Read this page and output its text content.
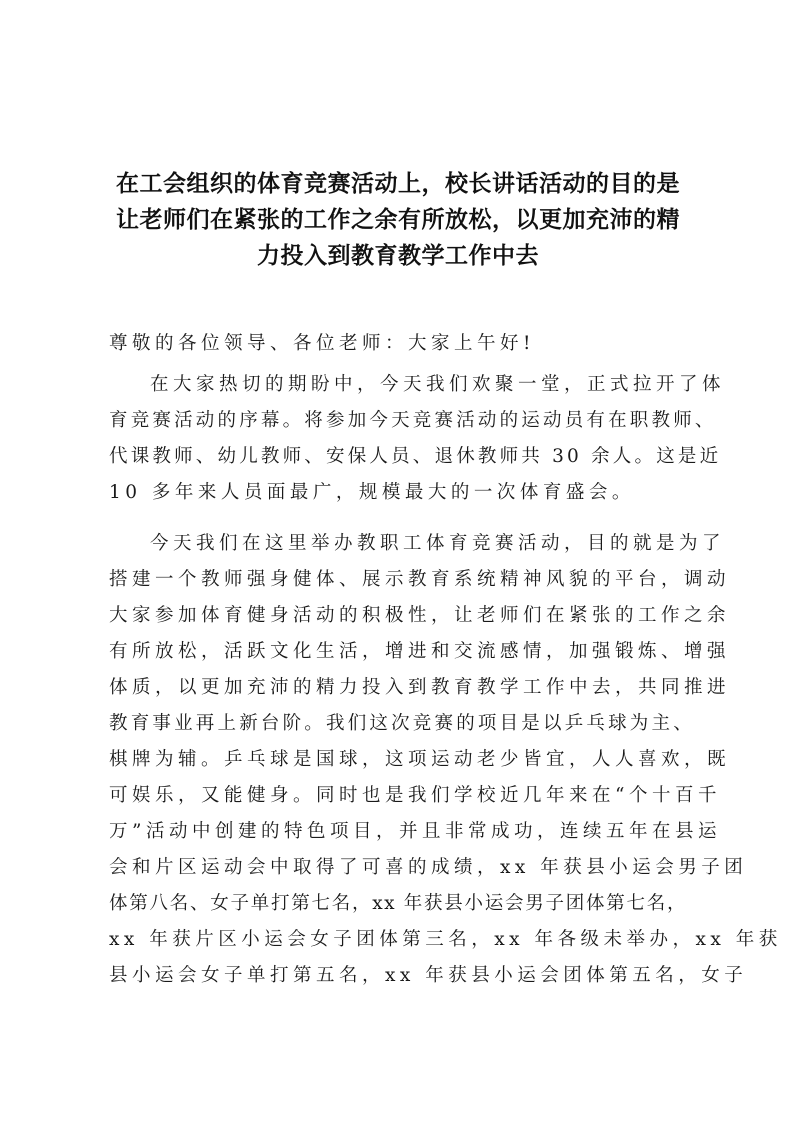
在工会组织的体育竞赛活动上，校长讲话活动的目的是
让老师们在紧张的工作之余有所放松，以更加充沛的精
力投入到教育教学工作中去
尊敬的各位领导、各位老师：大家上午好!
在大家热切的期盼中，今天我们欢聚一堂，正式拉开了体
育竞赛活动的序幕。将参加今天竞赛活动的运动员有在职教师、
代课教师、幼儿教师、安保人员、退休教师共 30 余人。这是近
10 多年来人员面最广，规模最大的一次体育盛会。
今天我们在这里举办教职工体育竞赛活动，目的就是为了
搭建一个教师强身健体、展示教育系统精神风貌的平台，调动
大家参加体育健身活动的积极性，让老师们在紧张的工作之余
有所放松，活跃文化生活，增进和交流感情，加强锻炼、增强
体质，以更加充沛的精力投入到教育教学工作中去，共同推进
教育事业再上新台阶。我们这次竞赛的项目是以乒乓球为主、
棋牌为辅。乒乓球是国球，这项运动老少皆宜，人人喜欢，既
可娱乐，又能健身。同时也是我们学校近几年来在“个十百千
万”活动中创建的特色项目，并且非常成功，连续五年在县运
会和片区运动会中取得了可喜的成绩，xx 年获县小运会男子团
体第八名、女子单打第七名，xx 年获县小运会男子团体第七名，
xx 年获片区小运会女子团体第三名，xx 年各级未举办，xx 年获
县小运会女子单打第五名，xx 年获县小运会团体第五名，女子
